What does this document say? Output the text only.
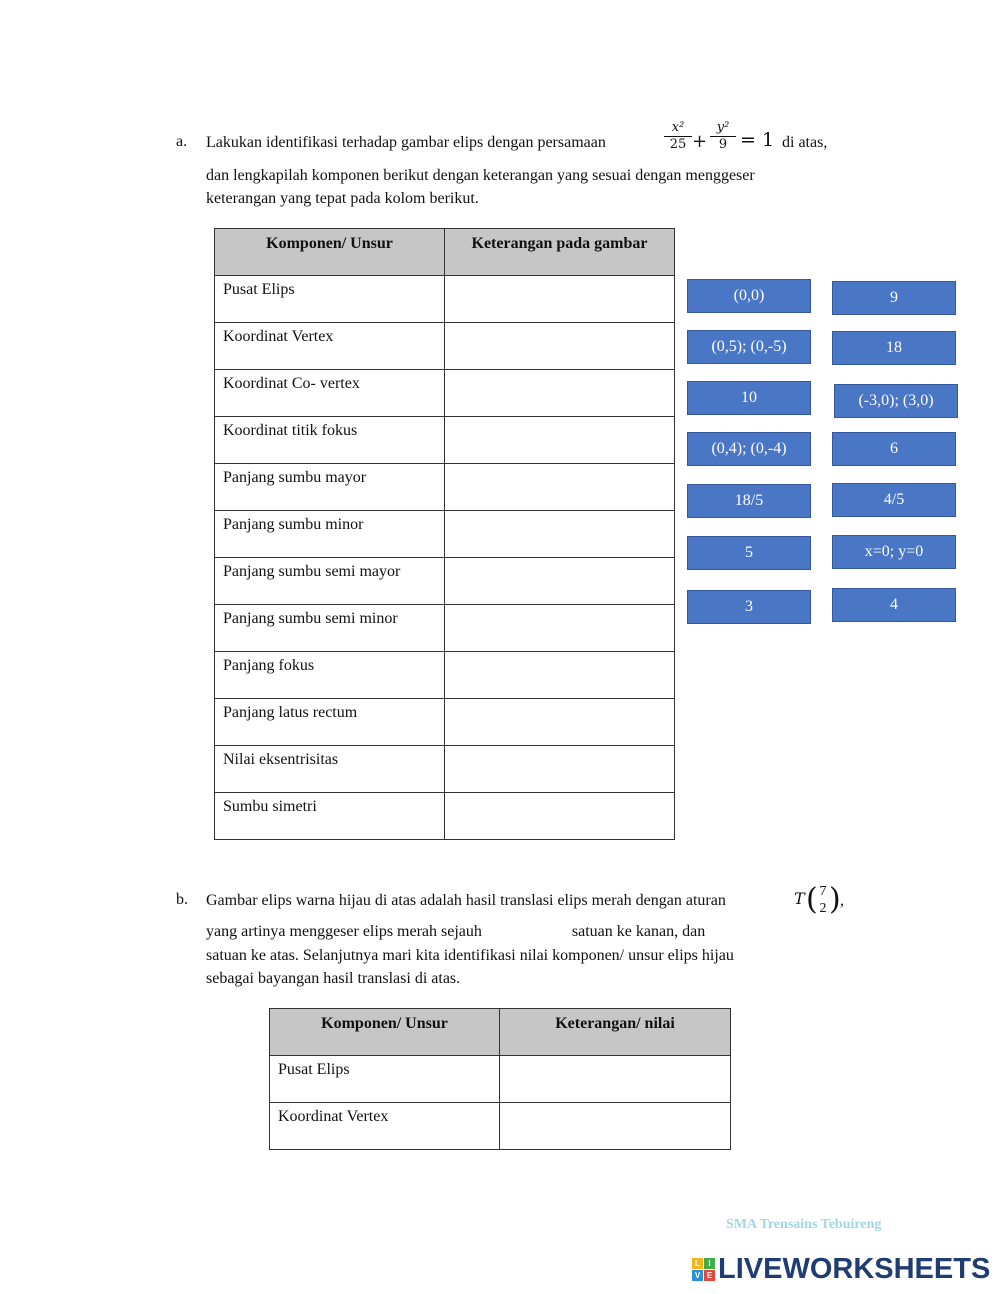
a. Lakukan identifikasi terhadap gambar elips dengan persamaan	$\frac{\text{x²}}{25} + \frac{\text{y²}}{9} = 1$ di atas,
dan lengkapilah komponen berikut dengan keterangan yang sesuai dengan menggeser
keterangan yang tepat pada kolom berikut.
Komponen/ Unsur	Keterangan pada gambar
Pusat Elips	
Koordinat Vertex	
Koordinat Co- vertex	
Koordinat titik fokus	
Panjang sumbu mayor	
Panjang sumbu minor	
Panjang sumbu semi mayor	
Panjang sumbu semi minor	
Panjang fokus	
Panjang latus rectum	
Nilai eksentrisitas	
Sumbu simetri	
(0,0)
(0,5); (0,-5)
10
(0,4); (0,-4)
18/5
5
3
9
18
(-3,0); (3,0)
6
4/5
x=0; y=0
4
b. Gambar elips warna hijau di atas adalah hasil translasi elips merah dengan aturan	T ( 7
2 ) ,
yang artinya menggeser elips merah sejauh	satuan ke kanan, dan
satuan ke atas. Selanjutnya mari kita identifikasi nilai komponen/ unsur elips hijau
sebagai bayangan hasil translasi di atas.
Komponen/ Unsur	Keterangan/ nilai
Pusat Elips	
Koordinat Vertex	
SMA Trensains Tebuireng
L	I
V E LIVEWORKSHEETS
